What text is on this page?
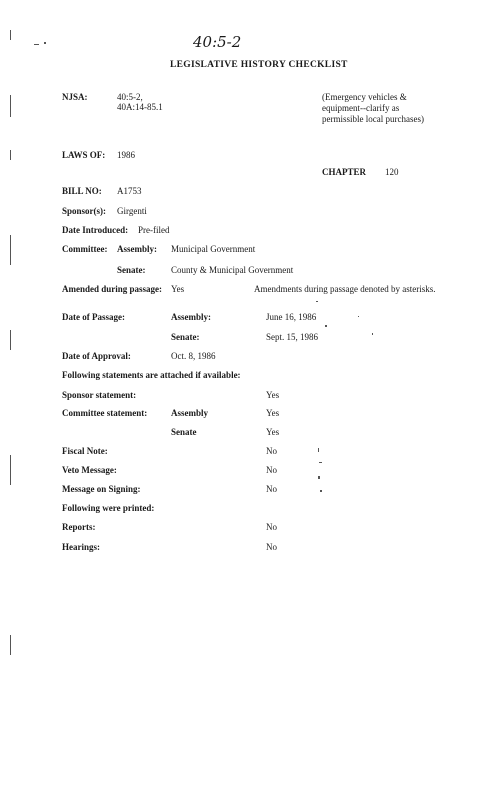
40:5-2
LEGISLATIVE HISTORY CHECKLIST
NJSA:	40:5-2,
40A:14-85.1
(Emergency vehicles & equipment--clarify as permissible local purchases)
LAWS OF: 1986
CHAPTER 120
BILL NO: A1753
Sponsor(s): Girgenti
Date Introduced: Pre-filed
Committee: Assembly: Municipal Government
Senate:	County & Municipal Government
Amended during passage: Yes	Amendments during passage denoted by asterisks.
Date of Passage:	Assembly:	June 16, 1986
Senate:	Sept. 15, 1986
Date of Approval:	Oct. 8, 1986
Following statements are attached if available:
Sponsor statement:	Yes
Committee statement:	Assembly	Yes
Senate	Yes
Fiscal Note:	No
Veto Message:	No
Message on Signing:	No
Following were printed:
Reports:	No
Hearings:	No
